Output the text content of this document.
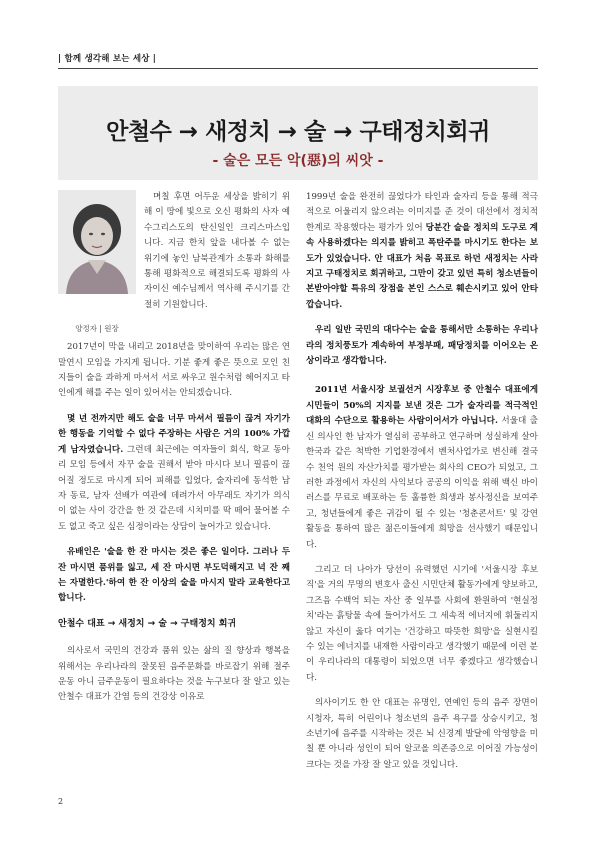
| 함께 생각해 보는 세상 |
안철수 → 새정치 → 술 → 구태정치회귀
- 술은 모든 악(惡)의 씨앗 -

며칠 후면 어두운 세상을 밝히기 위해 이 땅에 빛으로 오신 평화의 사자 예수그리스도의 탄신일인 크리스마스입니다. 지금 한치 앞을 내다볼 수 없는 위기에 놓인 남북관계가 소통과 화해를 통해 평화적으로 해결되도록 평화의 사자이신 예수님께서 역사해 주시기를 간절히 기원합니다.

양정자 | 원장

2017년이 막을 내리고 2018년을 맞이하여 우리는 많은 연말연시 모임을 가지게 됩니다. 기분 좋게 좋은 뜻으로 모인 친지들이 술을 과하게 마셔서 서로 싸우고 원수처럼 헤어지고 타인에게 해를 주는 일이 있어서는 안되겠습니다.

몇 년 전까지만 해도 술을 너무 마셔서 필름이 끊겨 자기가 한 행동을 기억할 수 없다 주장하는 사람은 거의 100% 가깝게 남자였습니다. 그런데 최근에는 여자들이 회식, 학교 동아리 모임 등에서 자꾸 술을 권해서 받아 마시다 보니 필름이 끊어질 정도로 마시게 되어 피해를 입었다, 술자리에 동석한 남자 동료, 남자 선배가 여관에 데려가서 아무래도 자기가 의식이 없는 사이 강간을 한 것 같은데 시치미를 딱 떼어 물어볼 수도 없고 죽고 싶은 심정이라는 상담이 늘어가고 있습니다.

유배인은 '술을 한 잔 마시는 것은 좋은 일이다. 그러나 두 잔 마시면 품위를 잃고, 세 잔 마시면 부도덕해지고 넉 잔 째는 자멸한다.'하여 한 잔 이상의 술을 마시지 말라 교육한다고 합니다.

안철수 대표 → 새정치 → 술 → 구태정치 회귀

의사로서 국민의 건강과 품위 있는 삶의 질 향상과 행복을 위해서는 우리나라의 잘못된 음주문화를 바로잡기 위해 절주운동 아니 금주운동이 필요하다는 것을 누구보다 잘 알고 있는 안철수 대표가 간염 등의 건강상 이유로

1999년 술을 완전히 끊었다가 타인과 술자리 등을 통해 적극적으로 어울리지 않으려는 이미지를 준 것이 대선에서 정치적 한계로 작용했다는 평가가 있어 당분간 술을 정치의 도구로 계속 사용하겠다는 의지를 밝히고 폭탄주를 마시기도 한다는 보도가 있었습니다. 안 대표가 처음 목표로 하던 새정치는 사라지고 구태정치로 회귀하고, 그만이 갖고 있던 특히 청소년들이 본받아야할 특유의 장점을 본인 스스로 훼손시키고 있어 안타깝습니다.

우리 일반 국민의 대다수는 술을 통해서만 소통하는 우리나라의 정치풍토가 계속하여 부정부패, 패당정치를 이어오는 온상이라고 생각합니다.

2011년 서울시장 보궐선거 시장후보 중 안철수 대표에게 시민들이 50%의 지지를 보낸 것은 그가 술자리를 적극적인 대화의 수단으로 활용하는 사람이어서가 아닙니다. 서울대 출신 의사인 한 남자가 열심히 공부하고 연구하며 성실하게 살아 한국과 같은 척박한 기업환경에서 벤처사업가로 변신해 결국 수 천억 원의 자산가치를 평가받는 회사의 CEO가 되었고, 그러한 과정에서 자신의 사익보다 공공의 이익을 위해 백신 바이러스를 무료로 배포하는 등 훌륭한 희생과 봉사정신을 보여주고, 청년들에게 좋은 귀감이 될 수 있는 '청춘콘서트' 및 강연 활동을 통하여 많은 젊은이들에게 희망을 선사했기 때문입니다.

그리고 더 나아가 당선이 유력했던 시기에 '서울시장 후보직'을 거의 무명의 변호사 출신 시민단체 활동가에게 양보하고, 그즈음 수백억 되는 자산 중 일부를 사회에 환원하여 '현실정치'라는 흙탕물 속에 들어가서도 그 세속적 에너지에 휘둘리지 않고 자신이 옳다 여기는 '건강하고 따뜻한 희망'을 실현시킬 수 있는 에너지를 내재한 사람이라고 생각했기 때문에 이런 분이 우리나라의 대통령이 되었으면 너무 좋겠다고 생각했습니다.

의사이기도 한 안 대표는 유명인, 연예인 등의 음주 장면이 시청자, 특히 어린이나 청소년의 음주 욕구를 상승시키고, 청소년기에 음주를 시작하는 것은 뇌 신경계 발달에 악영향을 미칠 뿐 아니라 성인이 되어 알코올 의존증으로 이어질 가능성이 크다는 것을 가장 잘 알고 있을 것입니다.

2
